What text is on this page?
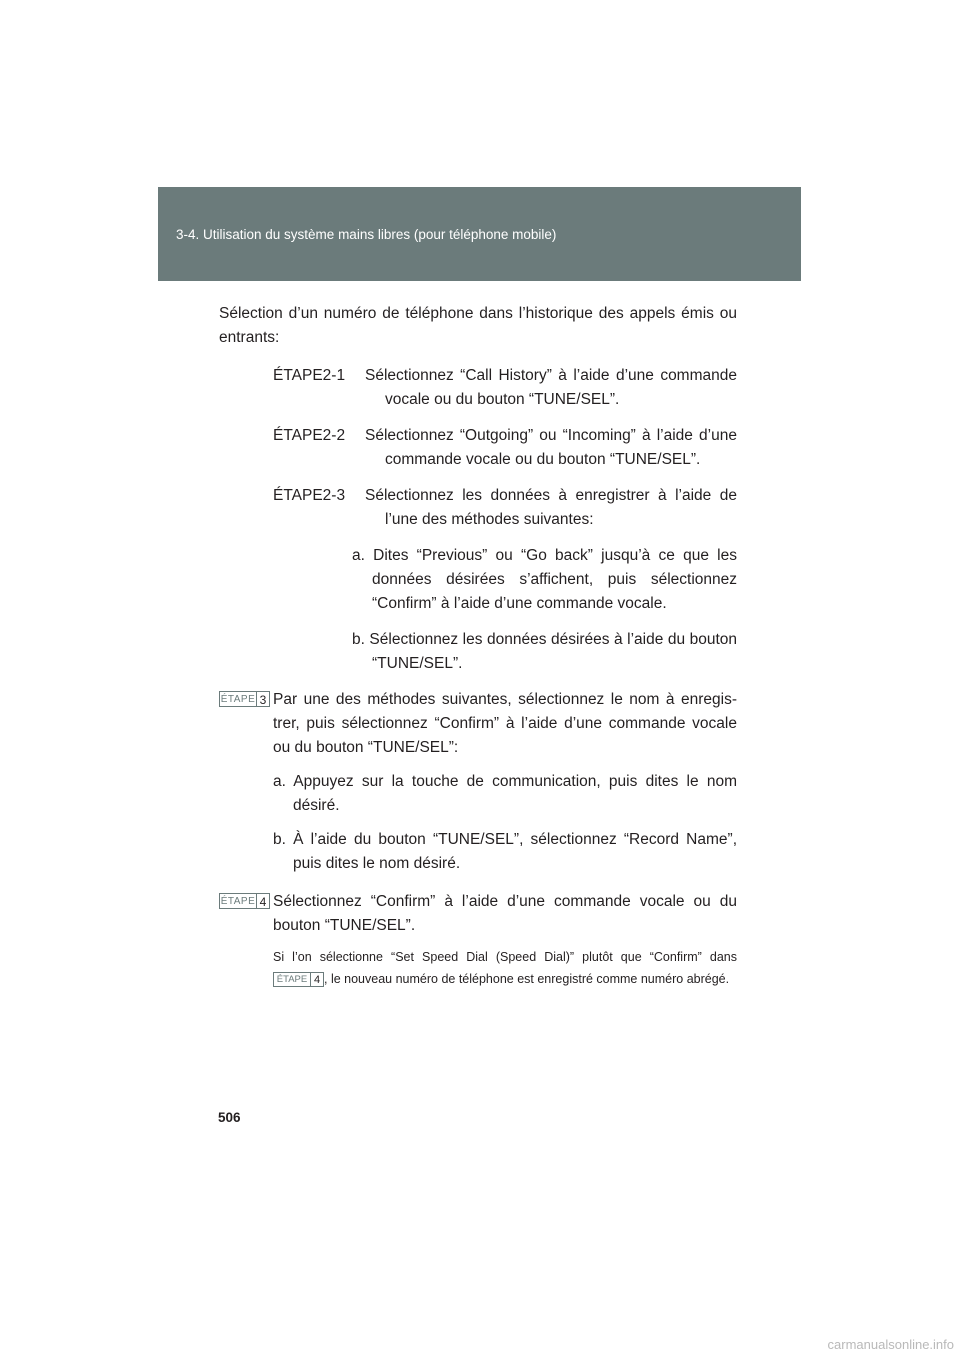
3-4. Utilisation du système mains libres (pour téléphone mobile)

Sélection d’un numéro de téléphone dans l’historique des appels émis ou entrants:

ÉTAPE2-1	Sélectionnez “Call History” à l’aide d’une commande vocale ou du bouton “TUNE/SEL”.
ÉTAPE2-2	Sélectionnez “Outgoing” ou “Incoming” à l’aide d’une commande vocale ou du bouton “TUNE/SEL”.
ÉTAPE2-3	Sélectionnez les données à enregistrer à l’aide de l’une des méthodes suivantes:

a. Dites “Previous” ou “Go back” jusqu’à ce que les données désirées s’affichent, puis sélectionnez “Confirm” à l’aide d’une commande vocale.

b. Sélectionnez les données désirées à l’aide du bouton “TUNE/SEL”.

ÉTAPE 3 Par une des méthodes suivantes, sélectionnez le nom à enregis-trer, puis sélectionnez “Confirm” à l’aide d’une commande vocale ou du bouton “TUNE/SEL”:

a. Appuyez sur la touche de communication, puis dites le nom désiré.

b. À l’aide du bouton “TUNE/SEL”, sélectionnez “Record Name”, puis dites le nom désiré.

ÉTAPE 4 Sélectionnez “Confirm” à l’aide d’une commande vocale ou du bouton “TUNE/SEL”.

Si l’on sélectionne “Set Speed Dial (Speed Dial)” plutôt que “Confirm” dans
ÉTAPE 4 , le nouveau numéro de téléphone est enregistré comme numéro abrégé.

506
carmanualsonline.info
